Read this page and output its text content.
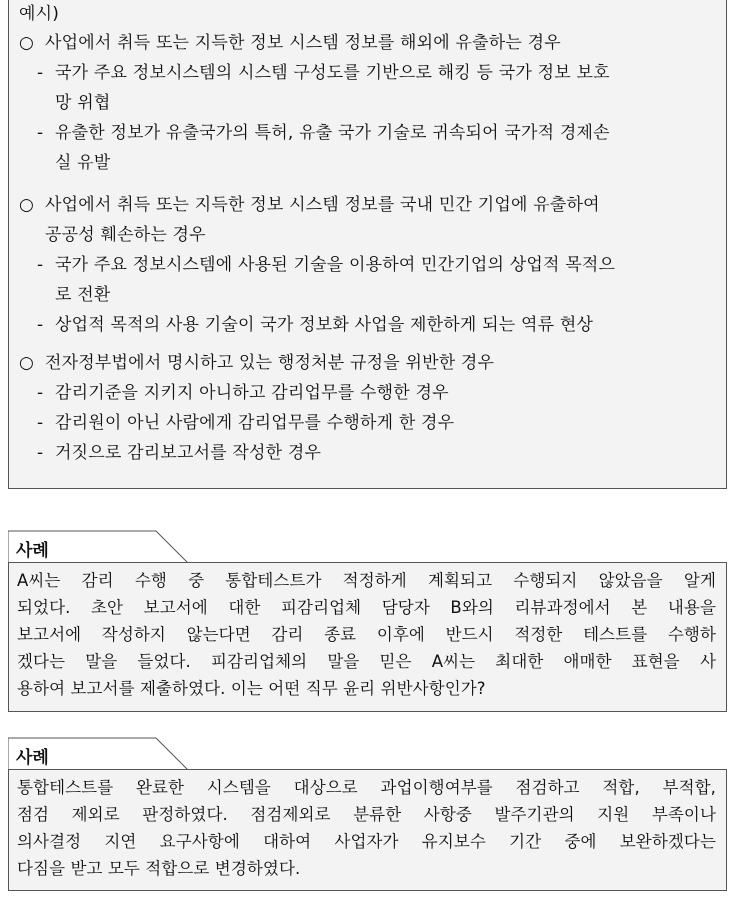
예시)
○ 사업에서 취득 또는 지득한 정보 시스템 정보를 해외에 유출하는 경우
- 국가 주요 정보시스템의 시스템 구성도를 기반으로 해킹 등 국가 정보 보호
망 위협
- 유출한 정보가 유출국가의 특허, 유출 국가 기술로 귀속되어 국가적 경제손
실 유발
○ 사업에서 취득 또는 지득한 정보 시스템 정보를 국내 민간 기업에 유출하여
공공성 훼손하는 경우
- 국가 주요 정보시스템에 사용된 기술을 이용하여 민간기업의 상업적 목적으
로 전환
- 상업적 목적의 사용 기술이 국가 정보화 사업을 제한하게 되는 역류 현상
○ 전자정부법에서 명시하고 있는 행정처분 규정을 위반한 경우
- 감리기준을 지키지 아니하고 감리업무를 수행한 경우
- 감리원이 아닌 사람에게 감리업무를 수행하게 한 경우
- 거짓으로 감리보고서를 작성한 경우
사례
A씨는 감리 수행 중 통합테스트가 적정하게 계획되고 수행되지 않았음을 알게
되었다. 초안 보고서에 대한 피감리업체 담당자 B와의 리뷰과정에서 본 내용을
보고서에 작성하지 않는다면 감리 종료 이후에 반드시 적정한 테스트를 수행하
겠다는 말을 들었다. 피감리업체의 말을 믿은 A씨는 최대한 애매한 표현을 사
용하여 보고서를 제출하였다. 이는 어떤 직무 윤리 위반사항인가?
사례
통합테스트를 완료한 시스템을 대상으로 과업이행여부를 점검하고 적합, 부적합,
점검 제외로 판정하였다. 점검제외로 분류한 사항중 발주기관의 지원 부족이나
의사결정 지연 요구사항에 대하여 사업자가 유지보수 기간 중에 보완하겠다는
다짐을 받고 모두 적합으로 변경하였다.
